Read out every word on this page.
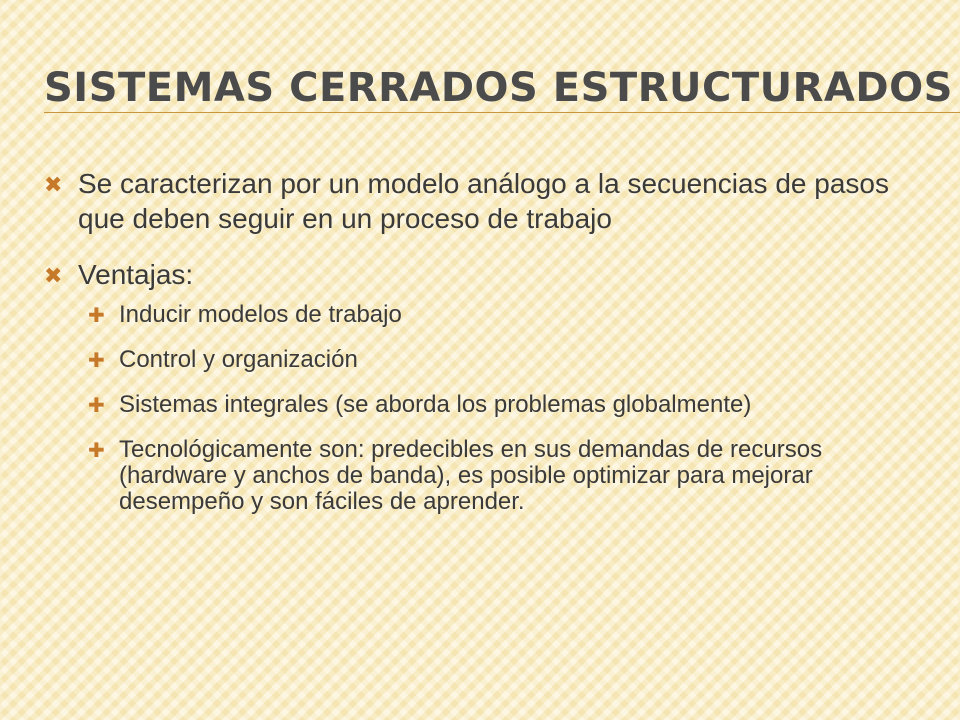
SISTEMAS CERRADOS ESTRUCTURADOS
✖ Se caracterizan por un modelo análogo a la secuencias de pasos que deben seguir en un proceso de trabajo
✖ Ventajas:
✚ Inducir modelos de trabajo
✚ Control y organización
✚ Sistemas integrales (se aborda los problemas globalmente)
✚ Tecnológicamente son: predecibles en sus demandas de recursos (hardware y anchos de banda), es posible optimizar para mejorar desempeño y son fáciles de aprender.
